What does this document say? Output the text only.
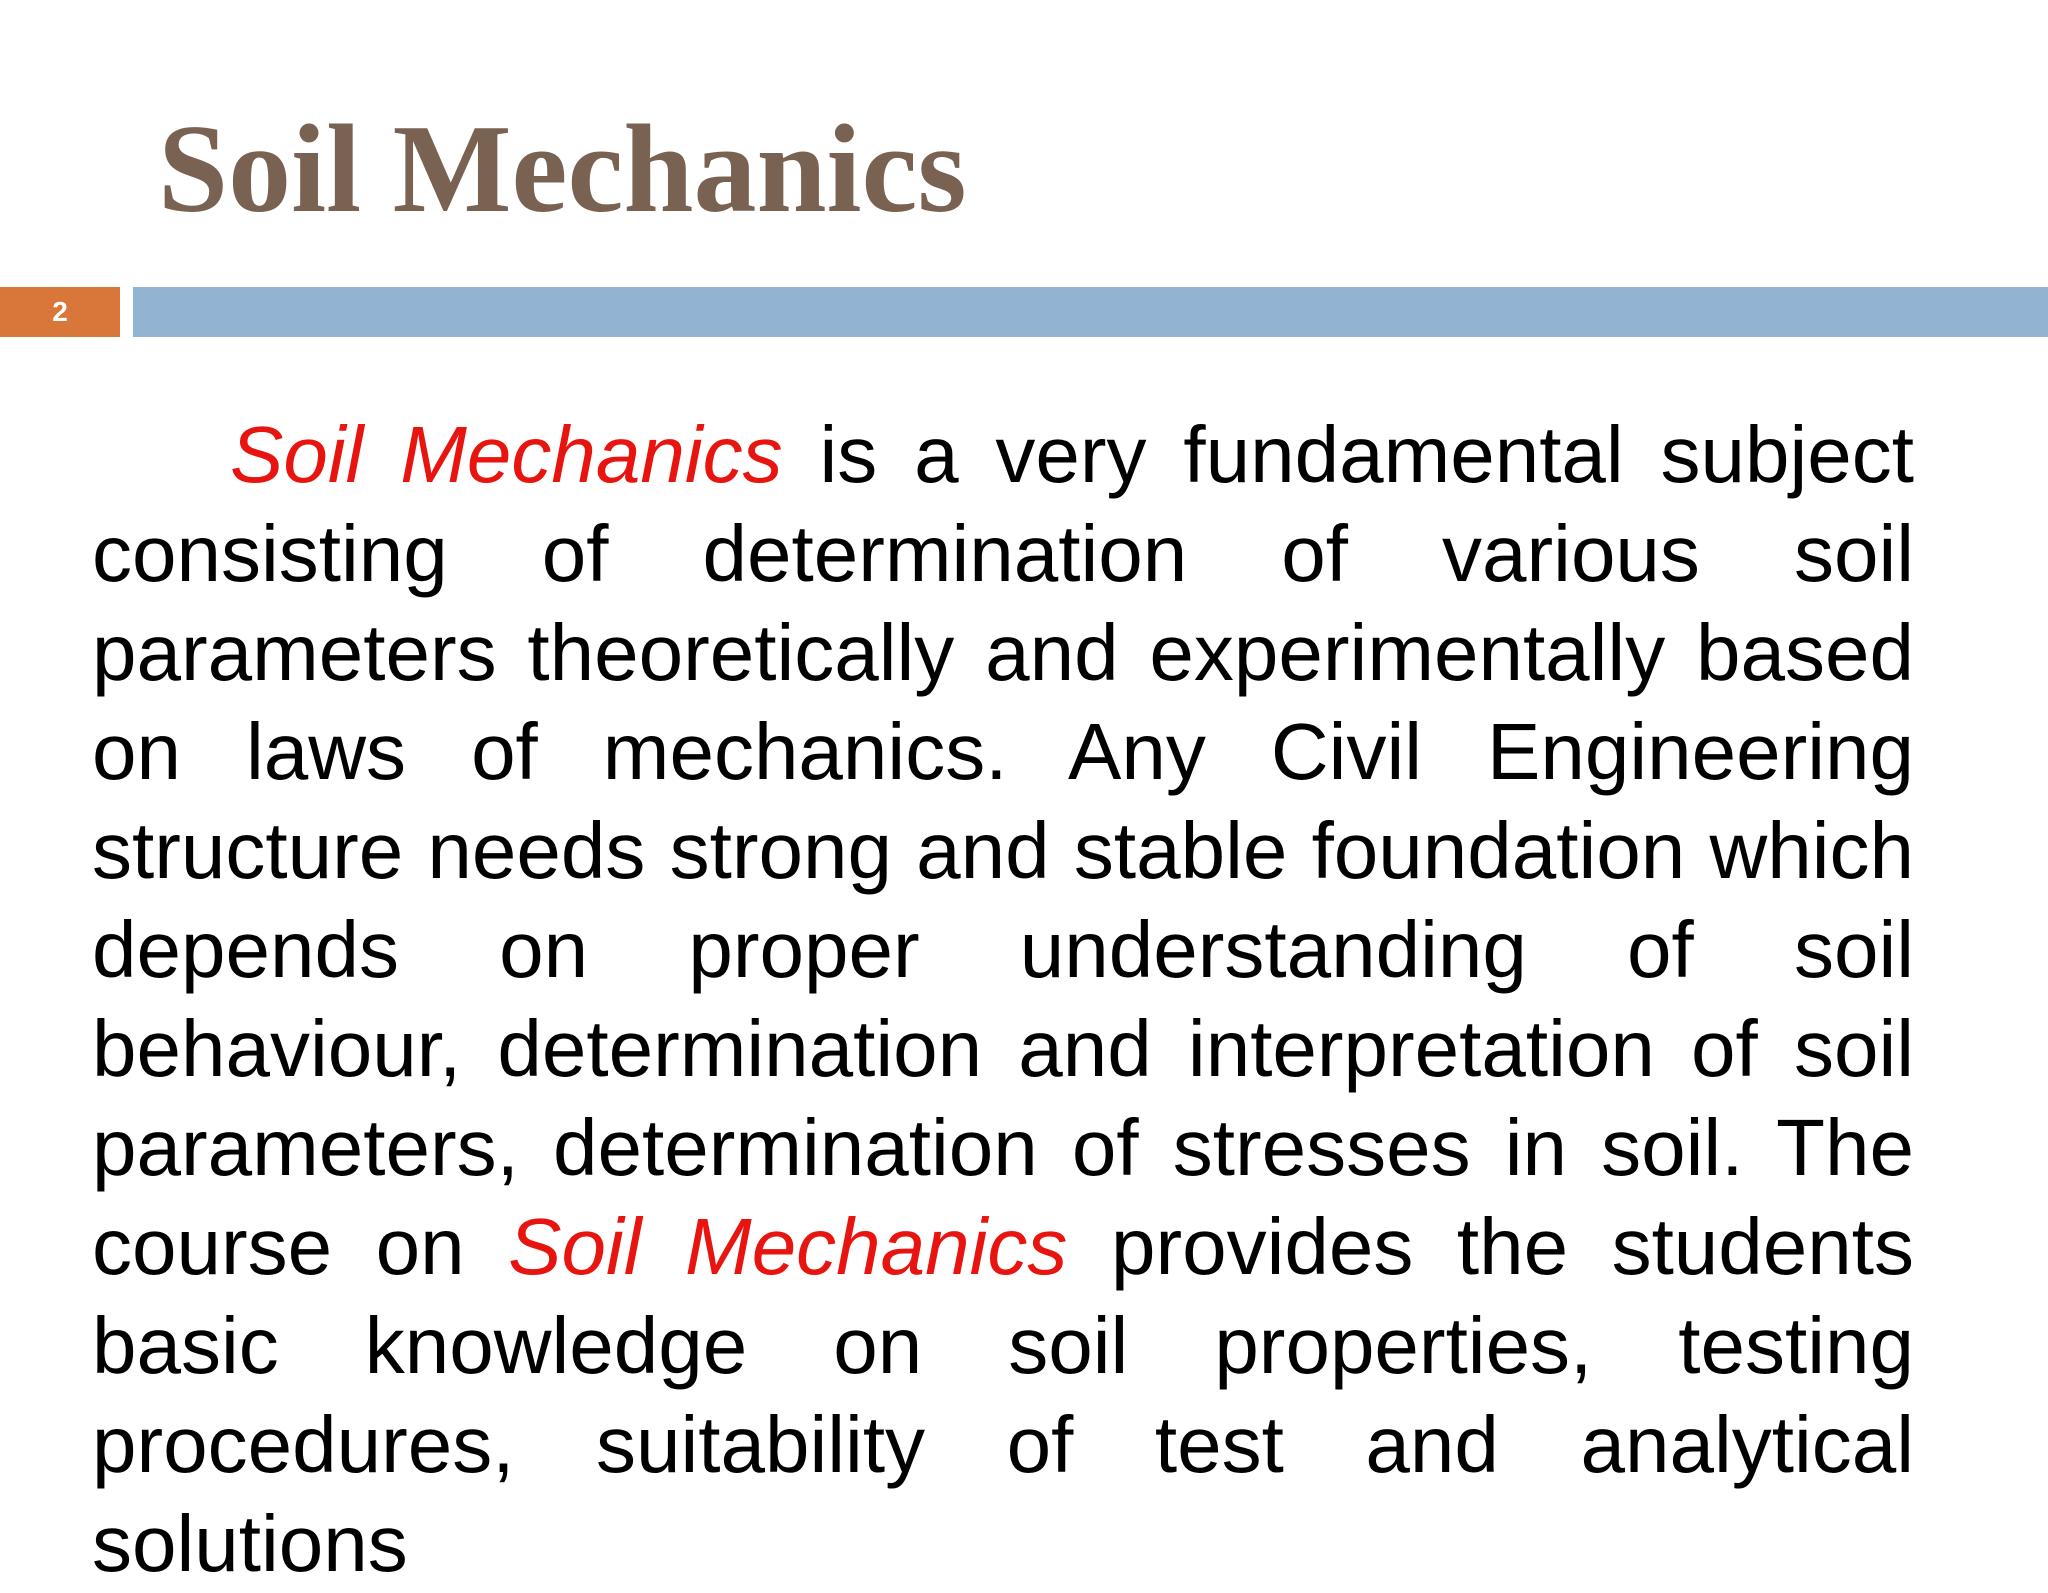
Soil Mechanics
2

Soil Mechanics is a very fundamental subject consisting of determination of various soil parameters theoretically and experimentally based on laws of mechanics. Any Civil Engineering structure needs strong and stable foundation which depends on proper understanding of soil behaviour, determination and interpretation of soil parameters, determination of stresses in soil. The course on Soil Mechanics provides the students basic knowledge on soil properties, testing procedures, suitability of test and analytical solutions
